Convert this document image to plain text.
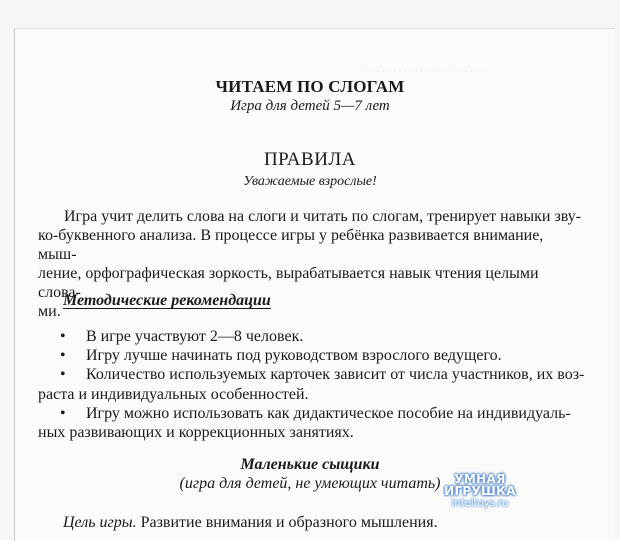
. . . . . . . . . . . . . . . . . . . . . . .
ЧИТАЕМ ПО СЛОГАМ
Игра для детей 5—7 лет
ПРАВИЛА
Уважаемые взрослые!
Игра учит делить слова на слоги и читать по слогам, тренирует навыки зву-
ко-буквенного анализа. В процессе игры у ребёнка развивается внимание, мыш-
ление, орфографическая зоркость, вырабатывается навык чтения целыми слова-
ми.
Методические рекомендации
• В игре участвуют 2—8 человек.
• Игру лучше начинать под руководством взрослого ведущего.
• Количество используемых карточек зависит от числа участников, их воз-
раста и индивидуальных особенностей.
• Игру можно использовать как дидактическое пособие на индивидуаль-
ных развивающих и коррекционных занятиях.
Маленькие сыщики
(игра для детей, не умеющих читать)
Цель игры. Развитие внимания и образного мышления.
УМНАЯ ИГРУШКА
inteltoys.ru
